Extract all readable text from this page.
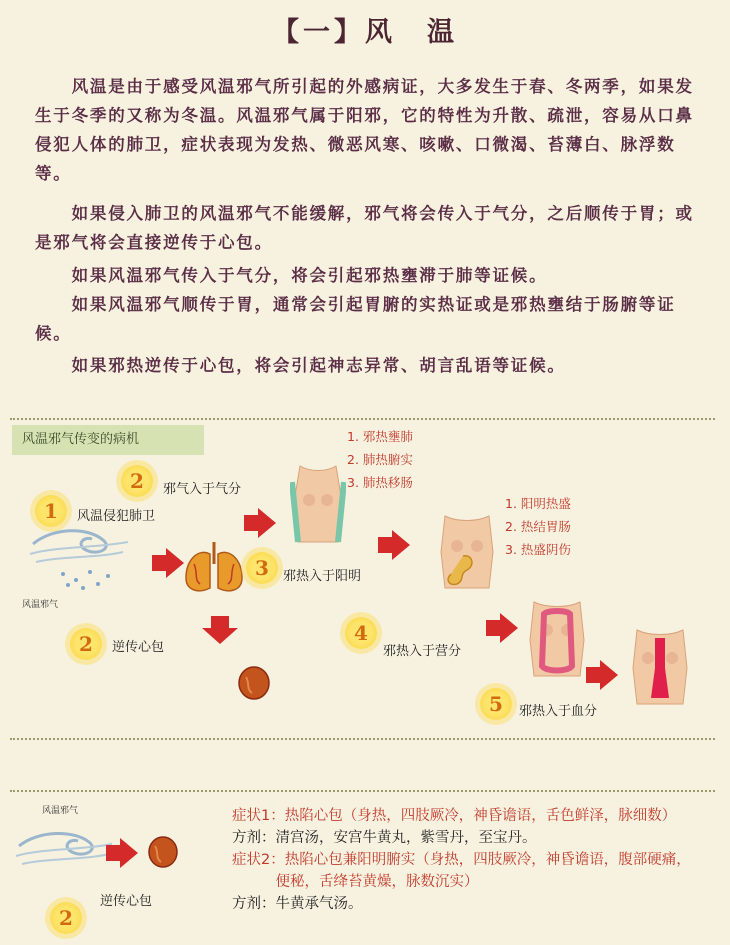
【一】风　温
　　风温是由于感受风温邪气所引起的外感病证，大多发生于春、冬两季，如果发生于冬季的又称为冬温。风温邪气属于阳邪，它的特性为升散、疏泄，容易从口鼻侵犯人体的肺卫，症状表现为发热、微恶风寒、咳嗽、口微渴、苔薄白、脉浮数等。
　　如果侵入肺卫的风温邪气不能缓解，邪气将会传入于气分，之后顺传于胃；或是邪气将会直接逆传于心包。
　　如果风温邪气传入于气分，将会引起邪热壅滞于肺等证候。
　　如果风温邪气顺传于胃，通常会引起胃腑的实热证或是邪热壅结于肠腑等证候。
　　如果邪热逆传于心包，将会引起神志异常、胡言乱语等证候。
风温邪气传变的病机
风温邪气
1	风温侵犯肺卫
2	邪气入于气分
2	逆传心包
1. 邪热壅肺
2. 肺热腑实
3. 肺热移肠
3	邪热入于阳明
1. 阳明热盛
2. 热结胃肠
3. 热盛阴伤
4
邪热入于营分
5	邪热入于血分
风温邪气
2
逆传心包
症状1：热陷心包（身热，四肢厥冷，神昏谵语，舌色鲜泽，脉细数）
方剂：清宫汤，安宫牛黄丸，紫雪丹，至宝丹。
症状2：热陷心包兼阳明腑实（身热，四肢厥冷，神昏谵语，腹部硬痛，
　　　便秘，舌绛苔黄燥，脉数沉实）
方剂：牛黄承气汤。
